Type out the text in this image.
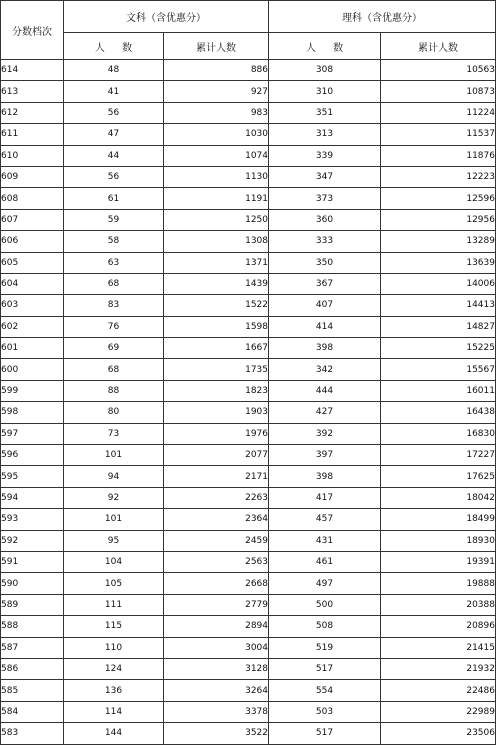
分数档次	文科（含优惠分）		理科（含优惠分）	
	人 数	累计人数	人 数	累计人数
614	48	886	308	10563
613	41	927	310	10873
612	56	983	351	11224
611	47	1030	313	11537
610	44	1074	339	11876
609	56	1130	347	12223
608	61	1191	373	12596
607	59	1250	360	12956
606	58	1308	333	13289
605	63	1371	350	13639
604	68	1439	367	14006
603	83	1522	407	14413
602	76	1598	414	14827
601	69	1667	398	15225
600	68	1735	342	15567
599	88	1823	444	16011
598	80	1903	427	16438
597	73	1976	392	16830
596	101	2077	397	17227
595	94	2171	398	17625
594	92	2263	417	18042
593	101	2364	457	18499
592	95	2459	431	18930
591	104	2563	461	19391
590	105	2668	497	19888
589	111	2779	500	20388
588	115	2894	508	20896
587	110	3004	519	21415
586	124	3128	517	21932
585	136	3264	554	22486
584	114	3378	503	22989
583	144	3522	517	23506
